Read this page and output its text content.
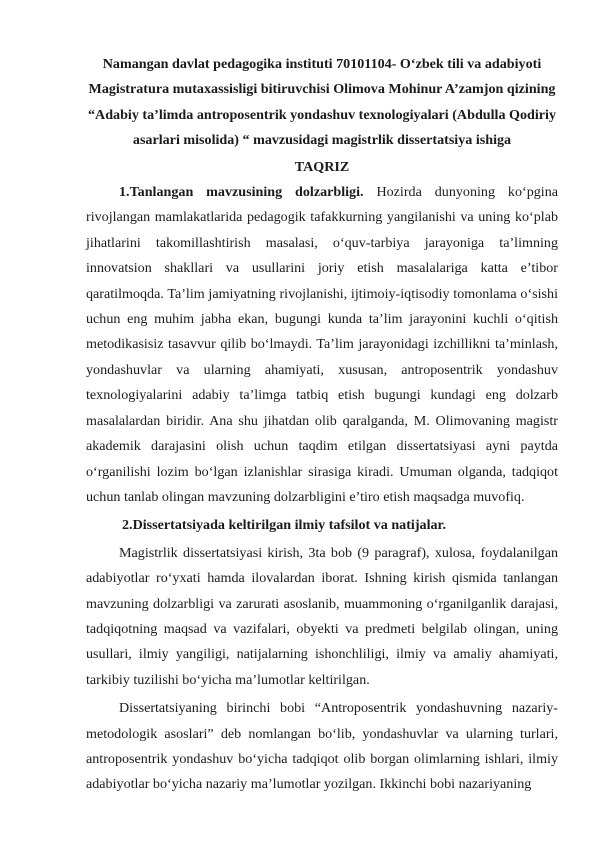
Namangan davlat pedagogika instituti 70101104- O‘zbek tili va adabiyoti Magistratura mutaxassisligi bitiruvchisi Olimova Mohinur A’zamjon qizining “Adabiy ta’limda antroposentrik yondashuv texnologiyalari (Abdulla Qodiriy asarlari misolida) “ mavzusidagi magistrlik dissertatsiya ishiga
TAQRIZ

1.Tanlangan mavzusining dolzarbligi. Hozirda dunyoning ko‘pgina rivojlangan mamlakatlarida pedagogik tafakkurning yangilanishi va uning ko‘plab jihatlarini takomillashtirish masalasi, o‘quv-tarbiya jarayoniga ta’limning innovatsion shakllari va usullarini joriy etish masalalariga katta e’tibor qaratilmoqda. Ta’lim jamiyatning rivojlanishi, ijtimoiy-iqtisodiy tomonlama o‘sishi uchun eng muhim jabha ekan, bugungi kunda ta’lim jarayonini kuchli o‘qitish metodikasisiz tasavvur qilib bo‘lmaydi. Ta’lim jarayonidagi izchillikni ta’minlash, yondashuvlar va ularning ahamiyati, xususan, antroposentrik yondashuv texnologiyalarini adabiy ta’limga tatbiq etish bugungi kundagi eng dolzarb masalalardan biridir. Ana shu jihatdan olib qaralganda, M. Olimovaning magistr akademik darajasini olish uchun taqdim etilgan dissertatsiyasi ayni paytda o‘rganilishi lozim bo‘lgan izlanishlar sirasiga kiradi. Umuman olganda, tadqiqot uchun tanlab olingan mavzuning dolzarbligini e’tiro etish maqsadga muvofiq.

2.Dissertatsiyada keltirilgan ilmiy tafsilot va natijalar.

Magistrlik dissertatsiyasi kirish, 3ta bob (9 paragraf), xulosa, foydalanilgan adabiyotlar ro‘yxati hamda ilovalardan iborat. Ishning kirish qismida tanlangan mavzuning dolzarbligi va zarurati asoslanib, muammoning o‘rganilganlik darajasi, tadqiqotning maqsad va vazifalari, obyekti va predmeti belgilab olingan, uning usullari, ilmiy yangiligi, natijalarning ishonchliligi, ilmiy va amaliy ahamiyati, tarkibiy tuzilishi bo‘yicha ma’lumotlar keltirilgan.

Dissertatsiyaning birinchi bobi “Antroposentrik yondashuvning nazariy-metodologik asoslari” deb nomlangan bo‘lib, yondashuvlar va ularning turlari, antroposentrik yondashuv bo‘yicha tadqiqot olib borgan olimlarning ishlari, ilmiy adabiyotlar bo‘yicha nazariy ma’lumotlar yozilgan. Ikkinchi bobi nazariyaning
